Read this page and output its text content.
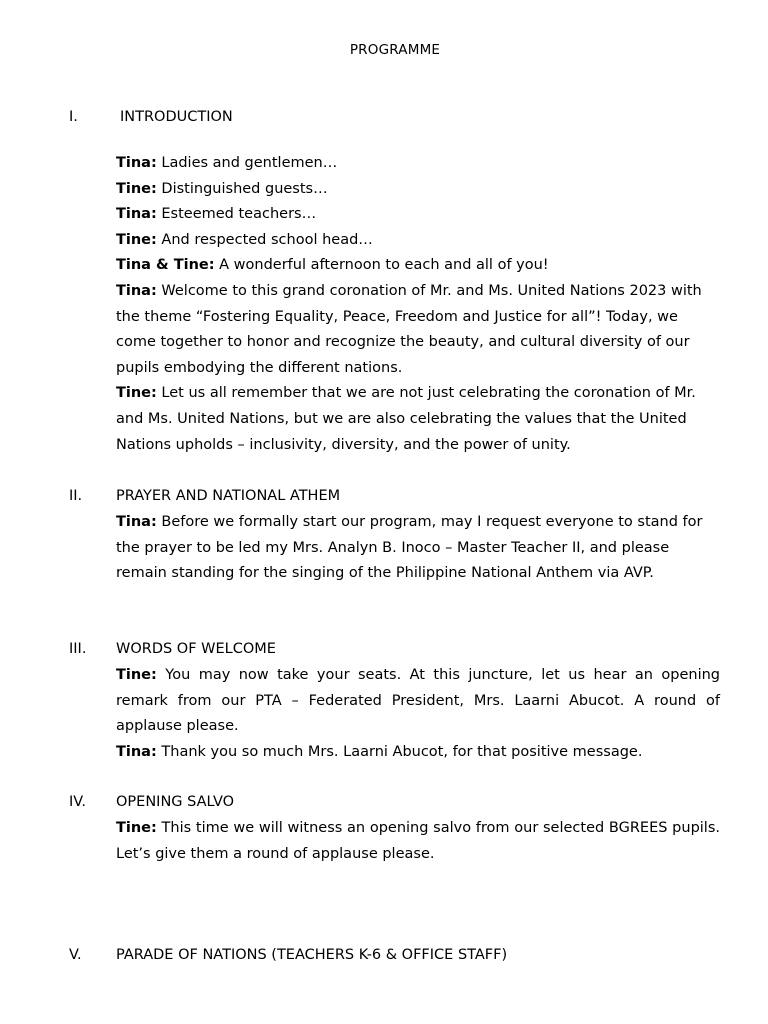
PROGRAMME
I.	INTRODUCTION

Tina: Ladies and gentlemen…

Tine: Distinguished guests…

Tina: Esteemed teachers…

Tine: And respected school head…

Tina & Tine: A wonderful afternoon to each and all of you!

Tina: Welcome to this grand coronation of Mr. and Ms. United Nations 2023 with the theme “Fostering Equality, Peace, Freedom and Justice for all”! Today, we come together to honor and recognize the beauty, and cultural diversity of our pupils embodying the different nations.

Tine: Let us all remember that we are not just celebrating the coronation of Mr. and Ms. United Nations, but we are also celebrating the values that the United Nations upholds – inclusivity, diversity, and the power of unity.

II. PRAYER AND NATIONAL ATHEM

Tina: Before we formally start our program, may I request everyone to stand for the prayer to be led my Mrs. Analyn B. Inoco – Master Teacher II, and please remain standing for the singing of the Philippine National Anthem via AVP.

III. WORDS OF WELCOME

Tine: You may now take your seats. At this juncture, let us hear an opening remark from our PTA – Federated President, Mrs. Laarni Abucot. A round of applause please.

Tina: Thank you so much Mrs. Laarni Abucot, for that positive message.

IV. OPENING SALVO

Tine: This time we will witness an opening salvo from our selected BGREES pupils. Let’s give them a round of applause please.

V. PARADE OF NATIONS (TEACHERS K-6 & OFFICE STAFF)
